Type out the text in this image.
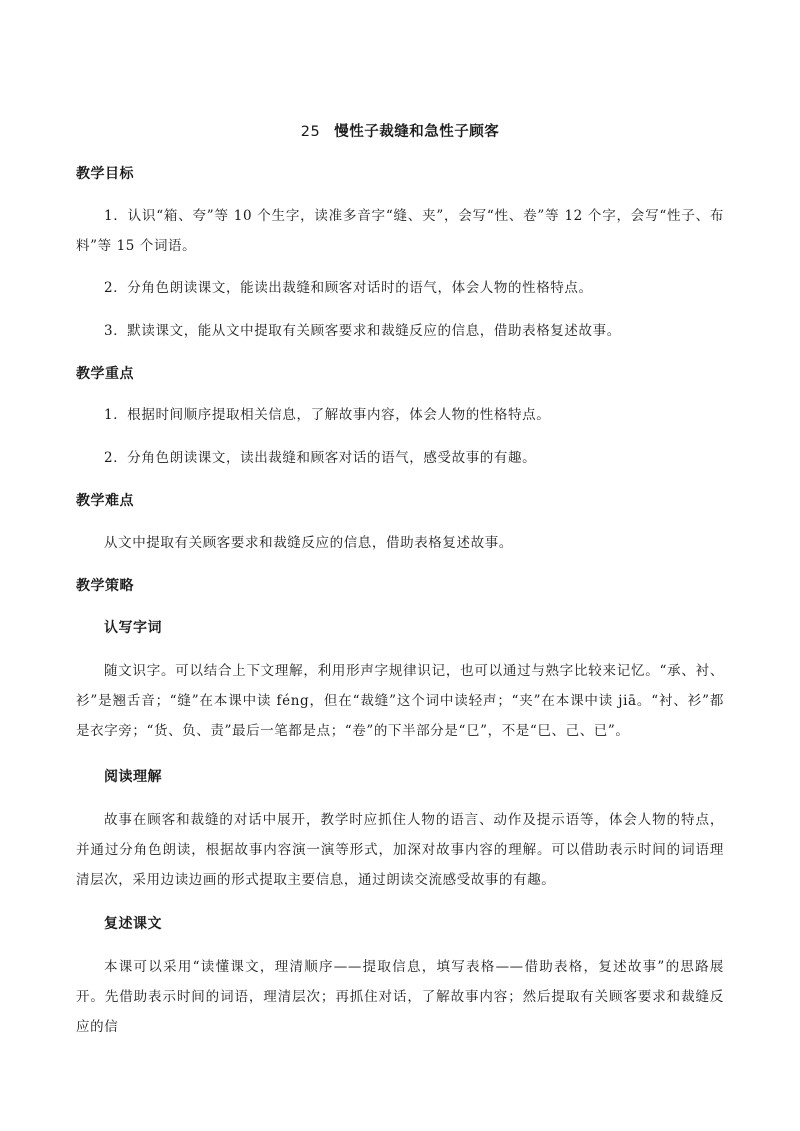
25 慢性子裁缝和急性子顾客
教学目标

1．认识“箱、夸”等 10 个生字，读准多音字“缝、夹”，会写“性、卷”等 12 个字，会写“性子、布料”等 15 个词语。

2．分角色朗读课文，能读出裁缝和顾客对话时的语气，体会人物的性格特点。

3．默读课文，能从文中提取有关顾客要求和裁缝反应的信息，借助表格复述故事。

教学重点

1．根据时间顺序提取相关信息，了解故事内容，体会人物的性格特点。

2．分角色朗读课文，读出裁缝和顾客对话的语气，感受故事的有趣。

教学难点

从文中提取有关顾客要求和裁缝反应的信息，借助表格复述故事。

教学策略
认写字词

随文识字。可以结合上下文理解，利用形声字规律识记，也可以通过与熟字比较来记忆。“承、衬、衫”是翘舌音；“缝”在本课中读 féng，但在“裁缝”这个词中读轻声；“夹”在本课中读 jiā。“衬、衫”都是衣字旁；“货、负、责”最后一笔都是点；“卷”的下半部分是“㔾”，不是“巳、己、已”。

阅读理解

故事在顾客和裁缝的对话中展开，教学时应抓住人物的语言、动作及提示语等，体会人物的特点，并通过分角色朗读，根据故事内容演一演等形式，加深对故事内容的理解。可以借助表示时间的词语理清层次，采用边读边画的形式提取主要信息，通过朗读交流感受故事的有趣。

复述课文

本课可以采用“读懂课文，理清顺序——提取信息，填写表格——借助表格，复述故事”的思路展开。先借助表示时间的词语，理清层次；再抓住对话，了解故事内容；然后提取有关顾客要求和裁缝反应的信
